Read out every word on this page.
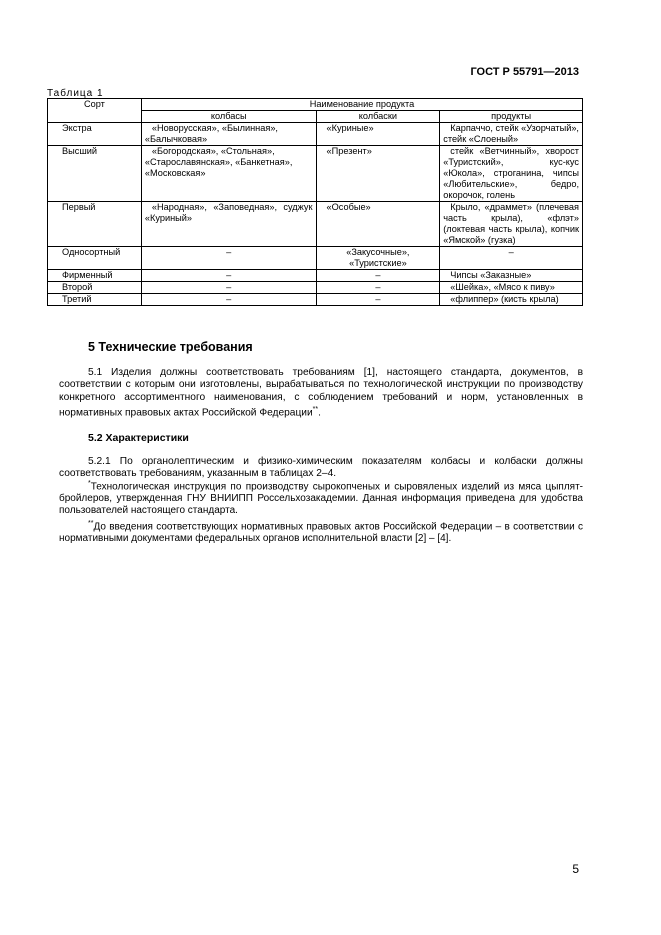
ГОСТ Р 55791—2013
Таблица 1
Сорт	Наименование продукта		
	колбасы	колбаски	продукты
Экстра	«Новорусская», «Былинная», «Балычковая»	«Куриные»	Карпаччо, стейк «Узорчатый», стейк «Слоеный»
Высший	«Богородская», «Стольная», «Старославянская», «Банкетная», «Московская»	«Презент»	стейк «Ветчинный», хворост «Туристский», кус-кус «Юкола», строганина, чипсы «Любительские», бедро, окорочок, голень
Первый	«Народная», «Заповедная», суджук «Куриный»	«Особые»	Крыло, «драммет» (плечевая часть крыла), «флэт» (локтевая часть крыла), копчик «Ямской» (гузка)
Односортный	–	«Закусочные», «Туристские»	–
Фирменный	–	–	Чипсы «Заказные»
Второй	–	–	«Шейка», «Мясо к пиву»
Третий	–	–	«флиппер» (кисть крыла)
5 Технические требования
5.1 Изделия должны соответствовать требованиям [1], настоящего стандарта, документов, в соответствии с которым они изготовлены, вырабатываться по технологической инструкции по производству конкретного ассортиментного наименования, с соблюдением требований и норм, установленных в нормативных правовых актах Российской Федерации**.
5.2 Характеристики
5.2.1 По органолептическим и физико-химическим показателям колбасы и колбаски должны соответствовать требованиям, указанным в таблицах 2–4.
*Технологическая инструкция по производству сырокопченых и сыровяленых изделий из мяса цыплят-бройлеров, утвержденная ГНУ ВНИИПП Россельхозакадемии. Данная информация приведена для удобства пользователей настоящего стандарта.
**До введения соответствующих нормативных правовых актов Российской Федерации – в соответствии с нормативными документами федеральных органов исполнительной власти [2] – [4].
5
